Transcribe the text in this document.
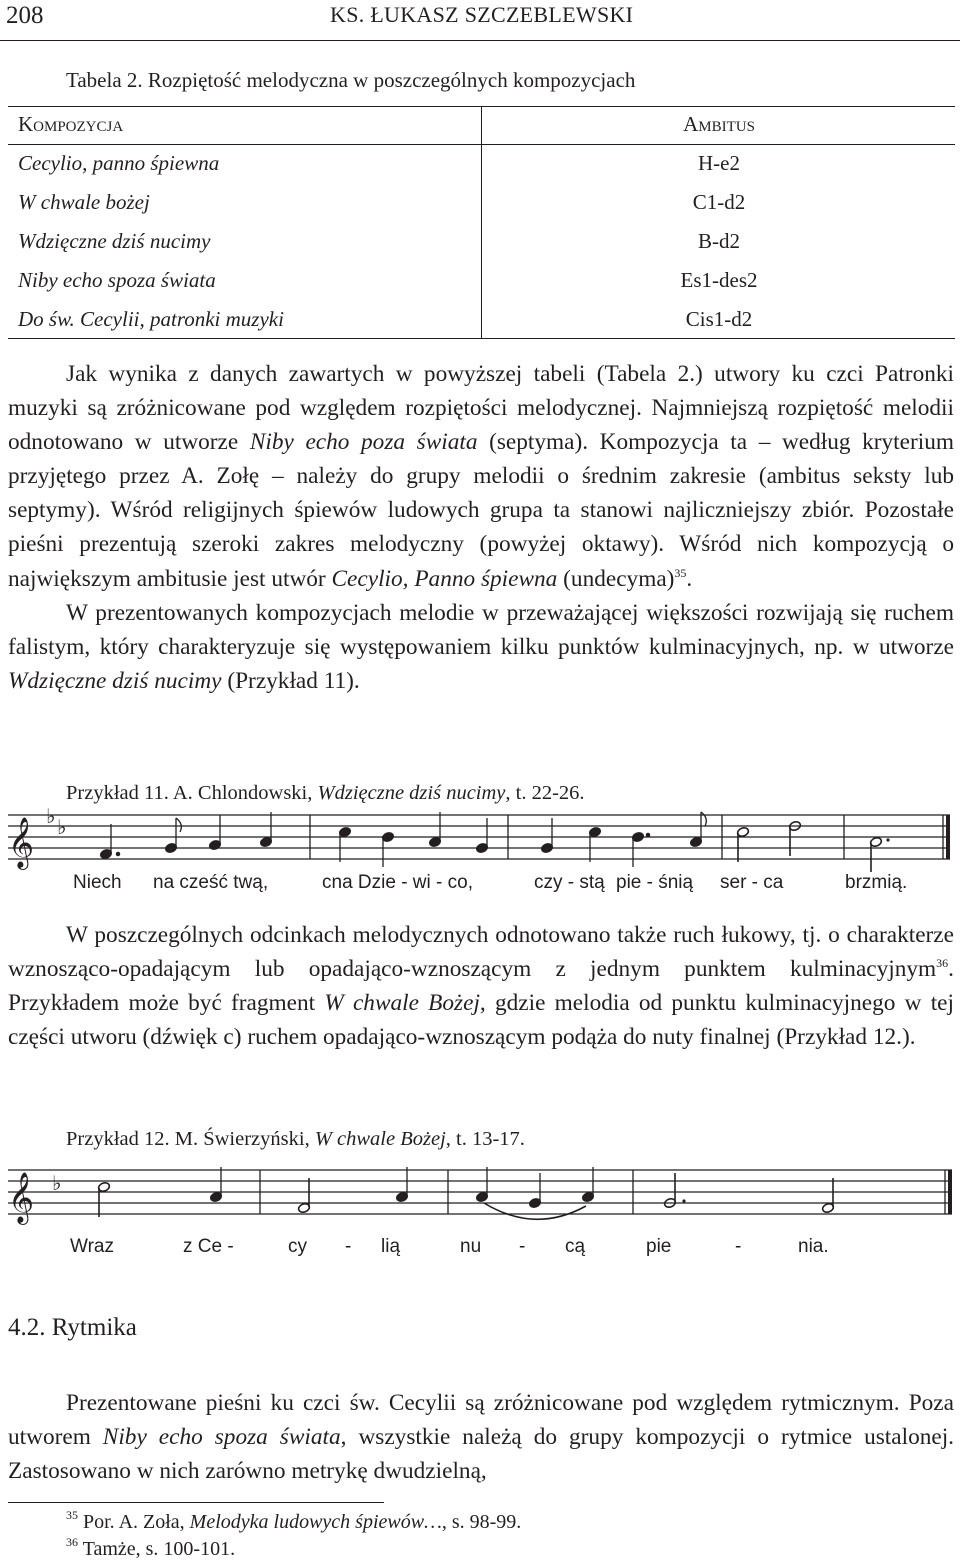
208	KS. ŁUKASZ SZCZEBLEWSKI
Tabela 2. Rozpiętość melodyczna w poszczególnych kompozycjach
Kompozycja	Ambitus
Cecylio, panno śpiewna	H-e2
W chwale bożej	C1-d2
Wdzięczne dziś nucimy	B-d2
Niby echo spoza świata	Es1-des2
Do św. Cecylii, patronki muzyki	Cis1-d2

Jak wynika z danych zawartych w powyższej tabeli (Tabela 2.) utwory ku czci Patronki muzyki są zróżnicowane pod względem rozpiętości melodycznej. Najmniejszą rozpiętość melodii odnotowano w utworze Niby echo poza świata (septyma). Kompozycja ta – według kryterium przyjętego przez A. Zołę – należy do grupy melodii o średnim zakresie (ambitus seksty lub septymy). Wśród religijnych śpiewów ludowych grupa ta stanowi najliczniejszy zbiór. Pozostałe pieśni prezentują szeroki zakres melodyczny (powyżej oktawy). Wśród nich kompozycją o największym ambitusie jest utwór Cecylio, Panno śpiewna (undecyma)$^{35}$.

W prezentowanych kompozycjach melodie w przeważającej większości rozwijają się ruchem falistym, który charakteryzuje się występowaniem kilku punktów kulminacyjnych, np. w utworze Wdzięczne dziś nucimy (Przykład 11).

Przykład 11. A. Chlondowski, Wdzięczne dziś nucimy, t. 22-26.
𝄞
♭ ♭
Niech na cześć twą,	cna Dzie - wi - co,	czy - stą pie - śnią ser - ca	brzmią.

W poszczególnych odcinkach melodycznych odnotowano także ruch łukowy, tj. o charakterze wznosząco-opadającym lub opadająco-wznoszącym z jednym punktem kulminacyjnym$^{36}$. Przykładem może być fragment W chwale Bożej, gdzie melodia od punktu kulminacyjnego w tej części utworu (dźwięk c) ruchem opadająco-wznoszącym podąża do nuty finalnej (Przykład 12.).

Przykład 12. M. Świerzyński, W chwale Bożej, t. 13-17.
𝄞 ♭
Wraz	z Ce -	cy - lią	nu - cą	pie	-	nia.
4.2. Rytmika

Prezentowane pieśni ku czci św. Cecylii są zróżnicowane pod względem rytmicznym. Poza utworem Niby echo spoza świata, wszystkie należą do grupy kompozycji o rytmice ustalonej. Zastosowano w nich zarówno metrykę dwudzielną,

$^{35}$ Por. A. Zoła, Melodyka ludowych śpiewów…, s. 98-99.
$^{36}$ Tamże, s. 100-101.
